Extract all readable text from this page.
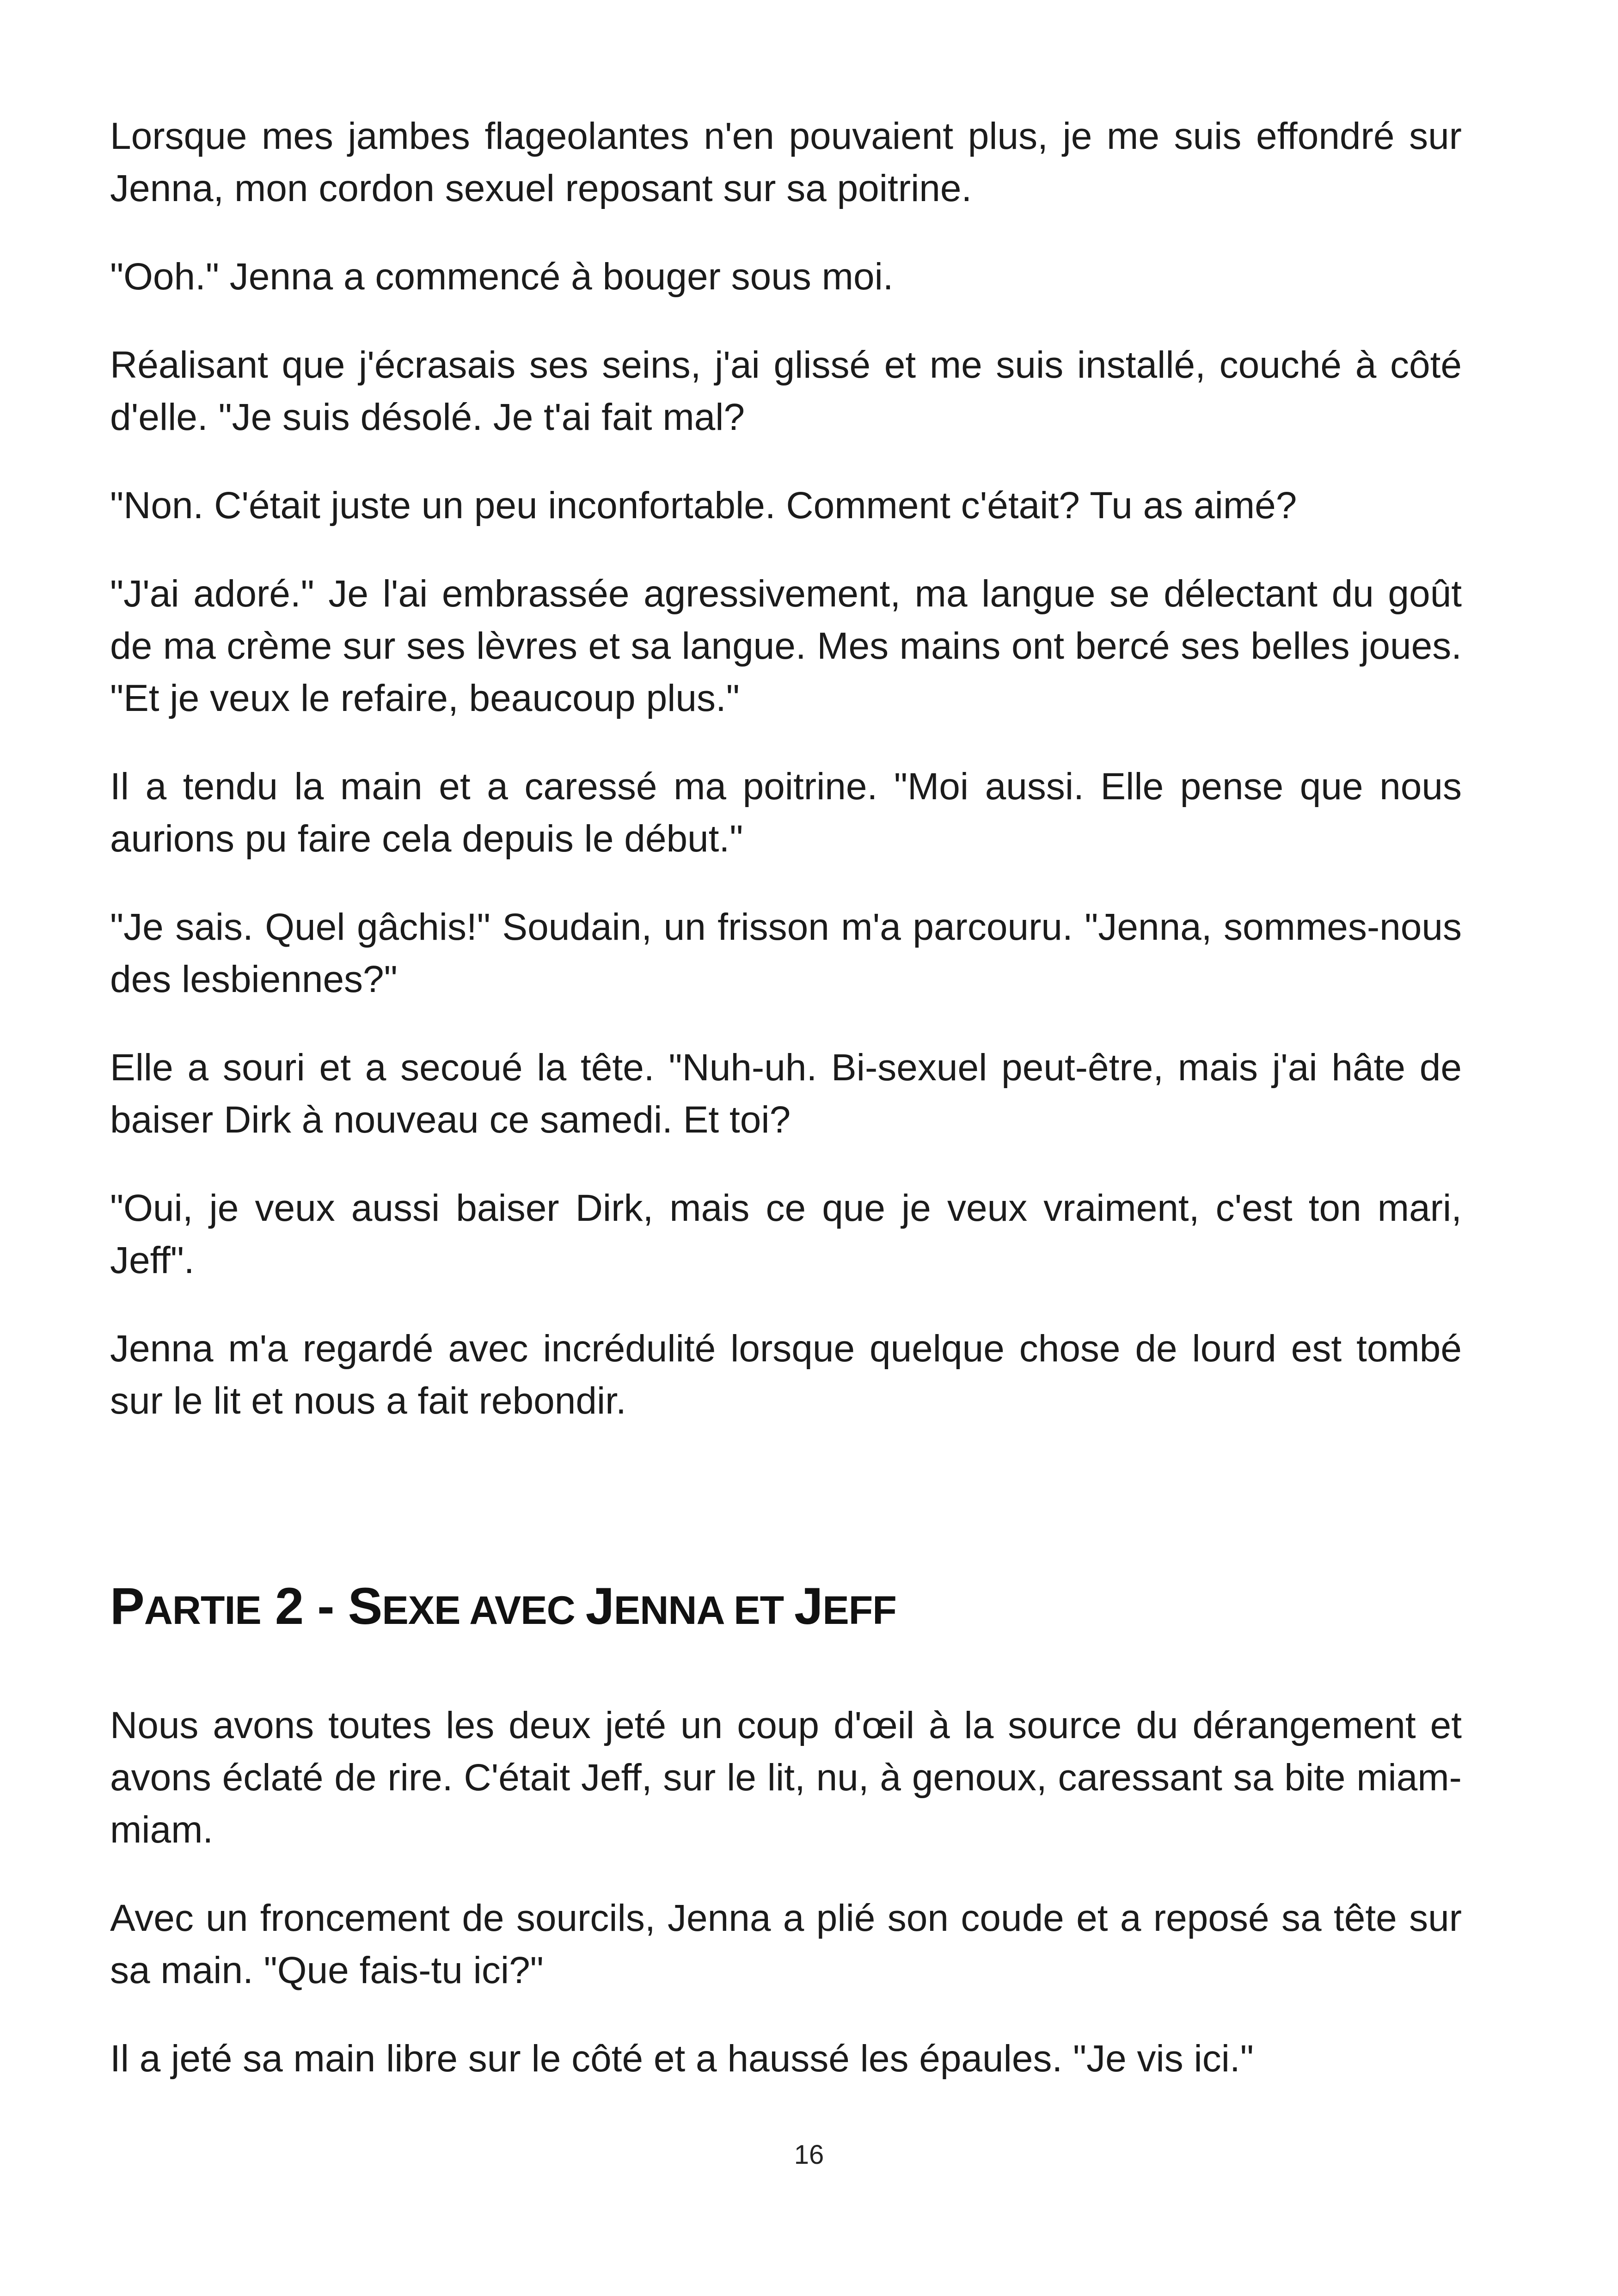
Lorsque mes jambes flageolantes n'en pouvaient plus, je me suis effondré sur Jenna, mon cordon sexuel reposant sur sa poitrine.

"Ooh." Jenna a commencé à bouger sous moi.

Réalisant que j'écrasais ses seins, j'ai glissé et me suis installé, couché à côté d'elle. "Je suis désolé. Je t'ai fait mal?

"Non. C'était juste un peu inconfortable. Comment c'était? Tu as aimé?

"J'ai adoré." Je l'ai embrassée agressivement, ma langue se délectant du goût de ma crème sur ses lèvres et sa langue. Mes mains ont bercé ses belles joues. "Et je veux le refaire, beaucoup plus."

Il a tendu la main et a caressé ma poitrine. "Moi aussi. Elle pense que nous aurions pu faire cela depuis le début."

"Je sais. Quel gâchis!" Soudain, un frisson m'a parcouru. "Jenna, sommes-nous des lesbiennes?"

Elle a souri et a secoué la tête. "Nuh-uh. Bi-sexuel peut-être, mais j'ai hâte de baiser Dirk à nouveau ce samedi. Et toi?

"Oui, je veux aussi baiser Dirk, mais ce que je veux vraiment, c'est ton mari, Jeff".

Jenna m'a regardé avec incrédulité lorsque quelque chose de lourd est tombé sur le lit et nous a fait rebondir.

PARTIE 2 - SEXE AVEC JENNA ET JEFF

Nous avons toutes les deux jeté un coup d'œil à la source du dérangement et avons éclaté de rire. C'était Jeff, sur le lit, nu, à genoux, caressant sa bite miam-miam.

Avec un froncement de sourcils, Jenna a plié son coude et a reposé sa tête sur sa main. "Que fais-tu ici?"

Il a jeté sa main libre sur le côté et a haussé les épaules. "Je vis ici."

16
